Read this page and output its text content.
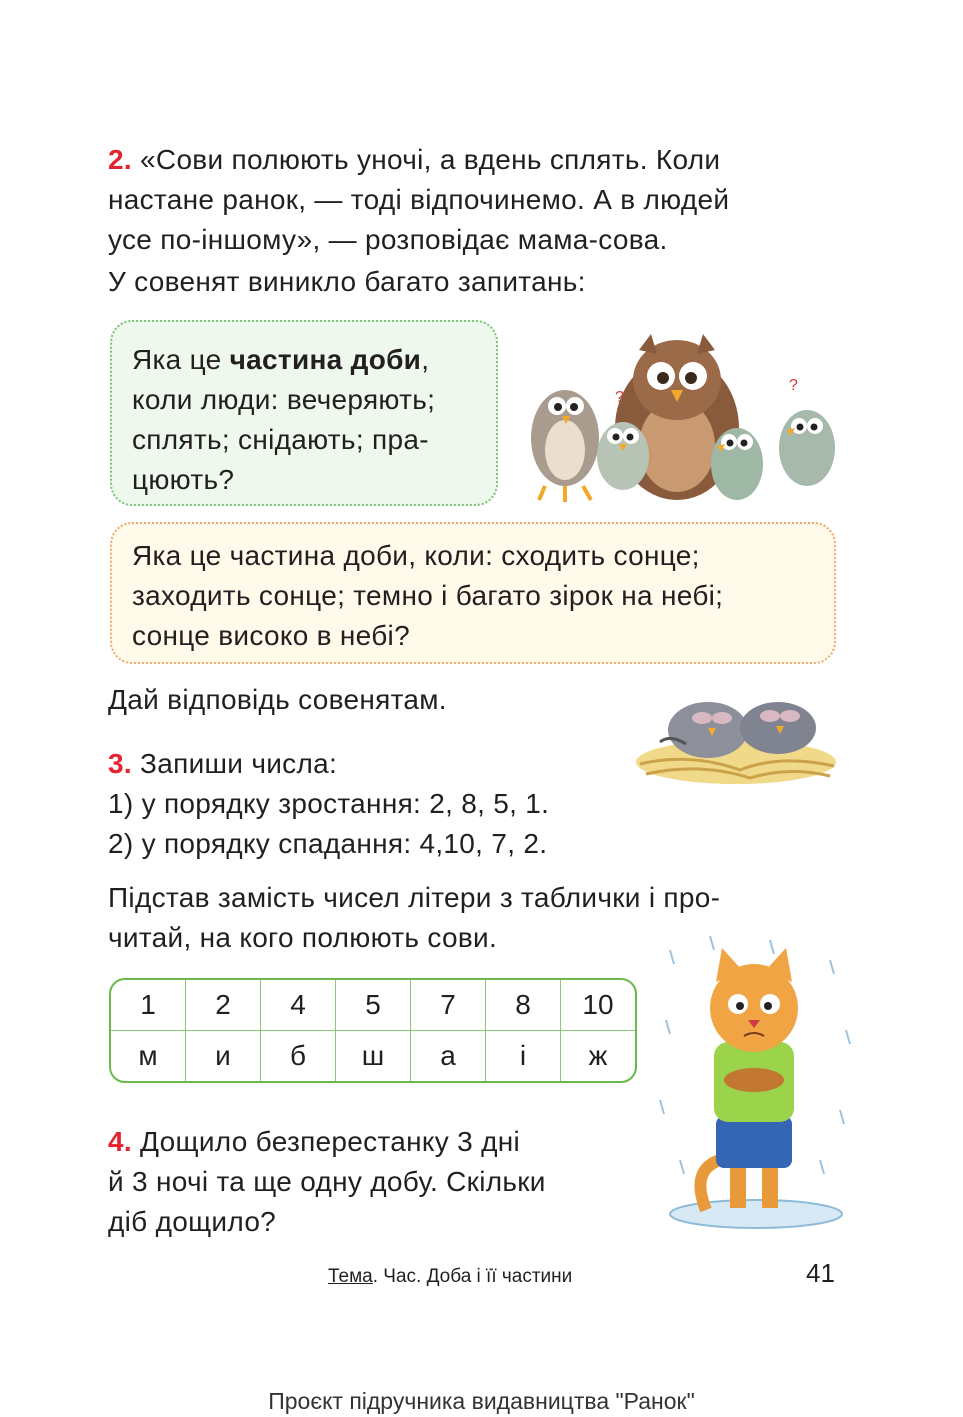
2. «Сови полюють уночі, а вдень сплять. Коли
настане ранок, — тоді відпочинемо. А в людей
усе по-іншому», — розповідає мама-сова.
У совенят виникло багато запитань:
Яка це частина доби,
коли люди: вечеряють;
сплять; снідають; пра-
цюють?
?
?
Яка це частина доби, коли: сходить сонце;
заходить сонце; темно і багато зірок на небі;
сонце високо в небі?
Дай відповідь совенятам.
3. Запиши числа:
1) у порядку зростання: 2, 8, 5, 1.
2) у порядку спадання: 4,10, 7, 2.
Підстав замість чисел літери з таблички і про-
читай, на кого полюють сови.
1	2	4	5	7	8	10
м	и	б	ш	а	і	ж
4. Дощило безперестанку 3 дні
й 3 ночі та ще одну добу. Скільки
діб дощило?
Тема. Час. Доба і її частини	41
Проєкт підручника видавництва "Ранок"
